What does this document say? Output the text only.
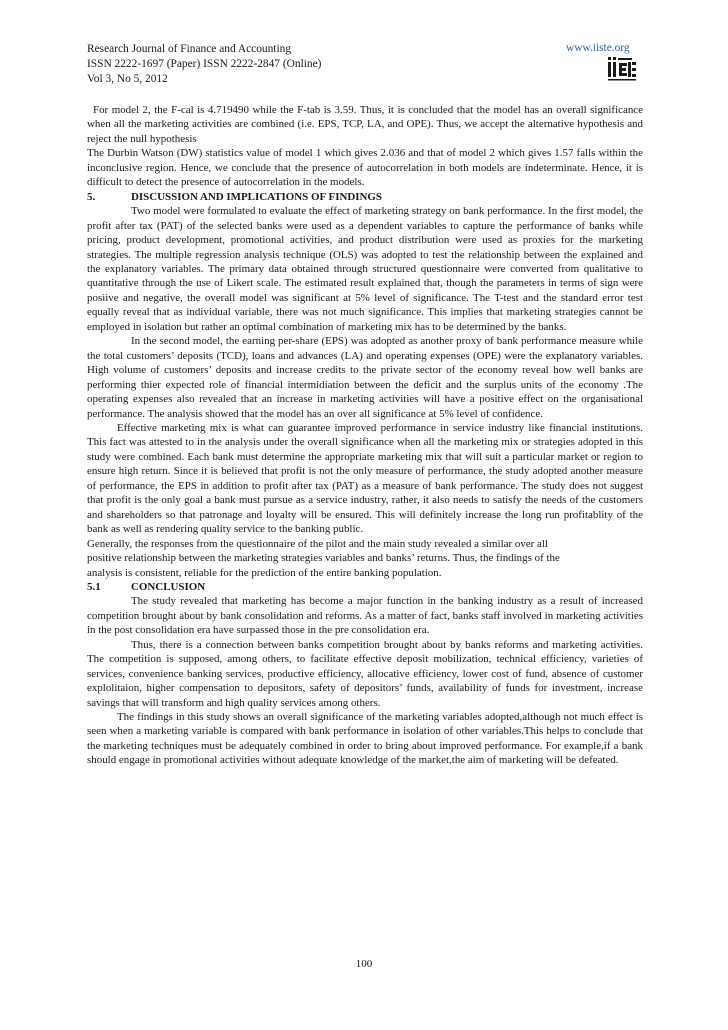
Research Journal of Finance and Accounting	www.iiste.org
ISSN 2222-1697 (Paper) ISSN 2222-2847 (Online)
Vol 3, No 5, 2012

For model 2, the F-cal is 4.719490 while the F-tab is 3.59. Thus, it is concluded that the model has an overall significance when all the marketing activities are combined (i.e. EPS, TCP, LA, and OPE). Thus, we accept the alternative hypothesis and reject the null hypothesis

The Durbin Watson (DW) statistics value of model 1 which gives 2.036 and that of model 2 which gives 1.57 falls within the inconclusive region. Hence, we conclude that the presence of autocorrelation in both models are indeterminate. Hence, it is difficult to detect the presence of autocorrelation in the models.

5.	DISCUSSION AND IMPLICATIONS OF FINDINGS

Two model were formulated to evaluate the effect of marketing strategy on bank performance. In the first model, the profit after tax (PAT) of the selected banks were used as a dependent variables to capture the performance of banks while pricing, product development, promotional activities, and product distribution were used as proxies for the marketing strategies. The multiple regression analysis technique (OLS) was adopted to test the relationship between the explained and the explanatory variables. The primary data obtained through structured questionnaire were converted from qualitative to quantitative through the use of Likert scale. The estimated result explained that, though the parameters in terms of sign were posiive and negative, the overall model was significant at 5% level of significance. The T-test and the standard error test equally reveal that as individual variable, there was not much significance. This implies that marketing strategies cannot be employed in isolation but rather an optimal combination of marketing mix has to be determined by the banks.

In the second model, the earning per-share (EPS) was adopted as another proxy of bank performance measure while the total customers’ deposits (TCD), loans and advances (LA) and operating expenses (OPE) were the explanatory variables. High volume of customers’ deposits and increase credits to the private sector of the economy reveal how well banks are performing thier expected role of financial intermidiation between the deficit and the surplus units of the economy .The operating expenses also revealed that an increase in marketing activities will have a positive effect on the organisational performance. The analysis showed that the model has an over all significance at 5% level of confidence.

Effective marketing mix is what can guarantee improved performance in service industry like financial institutions. This fact was attested to in the analysis under the overall significance when all the marketing mix or strategies adopted in this study were combined. Each bank must determine the appropriate marketing mix that will suit a particular market or region to ensure high return. Since it is believed that profit is not the only measure of performance, the study adopted another measure of performance, the EPS in addition to profit after tax (PAT) as a measure of bank performance. The study does not suggest that profit is the only goal a bank must pursue as a service industry, rather, it also needs to satisfy the needs of the customers and shareholders so that patronage and loyalty will be ensured. This will definitely increase the long run profitablity of the bank as well as rendering quality service to the banking public.

Generally, the responses from the questionnaire of the pilot and the main study revealed a similar over all
positive relationship between the marketing strategies variables and banks’ returns. Thus, the findings of the
analysis is consistent, reliable for the prediction of the entire banking population.

5.1	CONCLUSION

The study revealed that marketing has become a major function in the banking industry as a result of increased competition brought about by bank consolidation and reforms. As a matter of fact, banks staff involved in marketing activities in the post consolidation era have surpassed those in the pre consolidation era.

Thus, there is a connection between banks competition brought about by banks reforms and marketing activities. The competition is supposed, among others, to facilitate effective deposit mobilization, technical efficiency, varieties of services, convenience banking services, productive efficiency, allocative efficiency, lower cost of fund, absence of customer explolitaion, higher compensation to depositors, safety of depositors’ funds, availability of funds for investment, increase savings that will transform and high quality services among others.

The findings in this study shows an overall significance of the marketing variables adopted,although not much effect is seen when a marketing variable is compared with bank performance in isolation of other variables.This helps to conclude that the marketing techniques must be adequately combined in order to bring about improved performance. For example,if a bank should engage in promotional activities without adequate knowledge of the market,the aim of marketing will be defeated.

100
